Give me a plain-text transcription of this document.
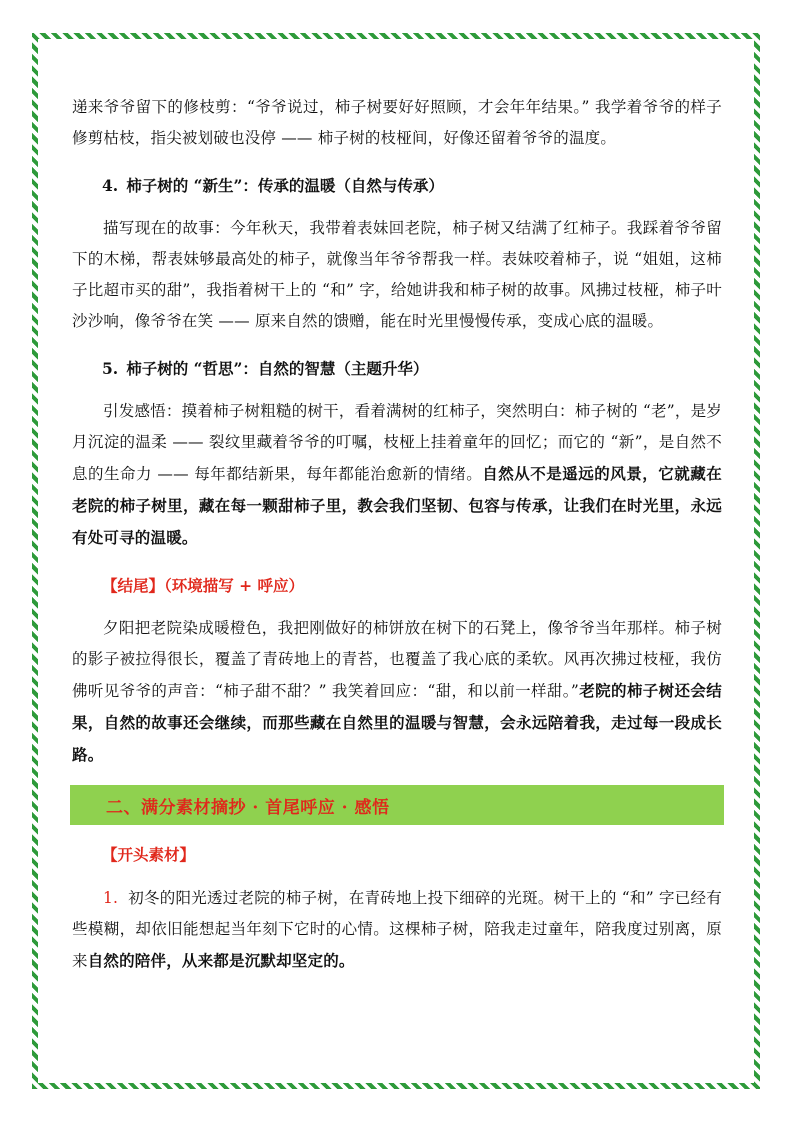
递来爷爷留下的修枝剪：“爷爷说过，柿子树要好好照顾，才会年年结果。” 我学着爷爷的样子修剪枯枝，指尖被划破也没停 —— 柿子树的枝桠间，好像还留着爷爷的温度。

4. 柿子树的 “新生”：传承的温暖（自然与传承）

描写现在的故事：今年秋天，我带着表妹回老院，柿子树又结满了红柿子。我踩着爷爷留下的木梯，帮表妹够最高处的柿子，就像当年爷爷帮我一样。表妹咬着柿子，说 “姐姐，这柿子比超市买的甜”，我指着树干上的 “和” 字，给她讲我和柿子树的故事。风拂过枝桠，柿子叶沙沙响，像爷爷在笑 —— 原来自然的馈赠，能在时光里慢慢传承，变成心底的温暖。

5. 柿子树的 “哲思”：自然的智慧（主题升华）

引发感悟：摸着柿子树粗糙的树干，看着满树的红柿子，突然明白：柿子树的 “老”，是岁月沉淀的温柔 —— 裂纹里藏着爷爷的叮嘱，枝桠上挂着童年的回忆；而它的 “新”，是自然不息的生命力 —— 每年都结新果，每年都能治愈新的情绪。自然从不是遥远的风景，它就藏在老院的柿子树里，藏在每一颗甜柿子里，教会我们坚韧、包容与传承，让我们在时光里，永远有处可寻的温暖。

【结尾】（环境描写 + 呼应）

夕阳把老院染成暖橙色，我把刚做好的柿饼放在树下的石凳上，像爷爷当年那样。柿子树的影子被拉得很长，覆盖了青砖地上的青苔，也覆盖了我心底的柔软。风再次拂过枝桠，我仿佛听见爷爷的声音：“柿子甜不甜？” 我笑着回应：“甜，和以前一样甜。”老院的柿子树还会结果，自然的故事还会继续，而那些藏在自然里的温暖与智慧，会永远陪着我，走过每一段成长路。

二、满分素材摘抄 · 首尾呼应 · 感悟

【开头素材】

1. 初冬的阳光透过老院的柿子树，在青砖地上投下细碎的光斑。树干上的 “和” 字已经有些模糊，却依旧能想起当年刻下它时的心情。这棵柿子树，陪我走过童年，陪我度过别离，原来自然的陪伴，从来都是沉默却坚定的。
